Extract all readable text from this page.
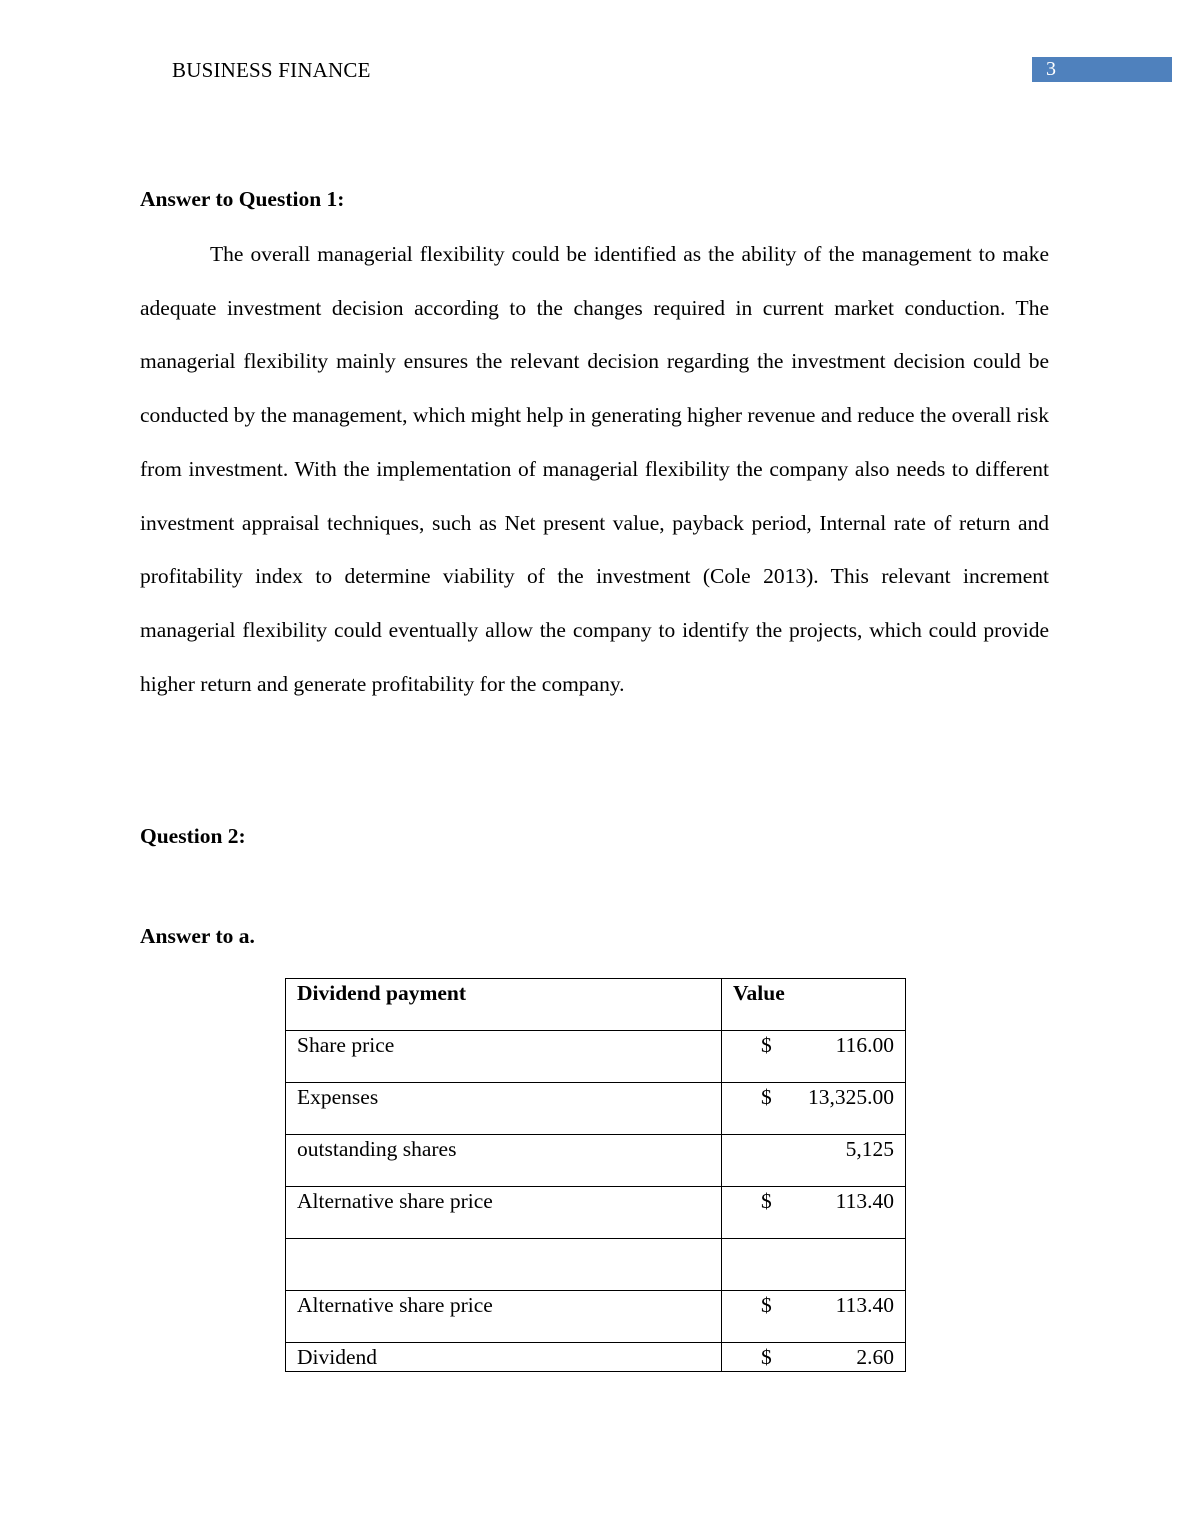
BUSINESS FINANCE	3
Answer to Question 1:
The overall managerial flexibility could be identified as the ability of the management to make adequate investment decision according to the changes required in current market conduction. The managerial flexibility mainly ensures the relevant decision regarding the investment decision could be conducted by the management, which might help in generating higher revenue and reduce the overall risk from investment. With the implementation of managerial flexibility the company also needs to different investment appraisal techniques, such as Net present value, payback period, Internal rate of return and profitability index to determine viability of the investment (Cole 2013). This relevant increment managerial flexibility could eventually allow the company to identify the projects, which could provide higher return and generate profitability for the company.
Question 2:
Answer to a.
Dividend payment	Value
Share price	$ 116.00

Expenses	$ 13,325.00

outstanding shares	5,125

Alternative share price	$ 113.40

Alternative share price	$ 113.40

Dividend	$ 2.60
